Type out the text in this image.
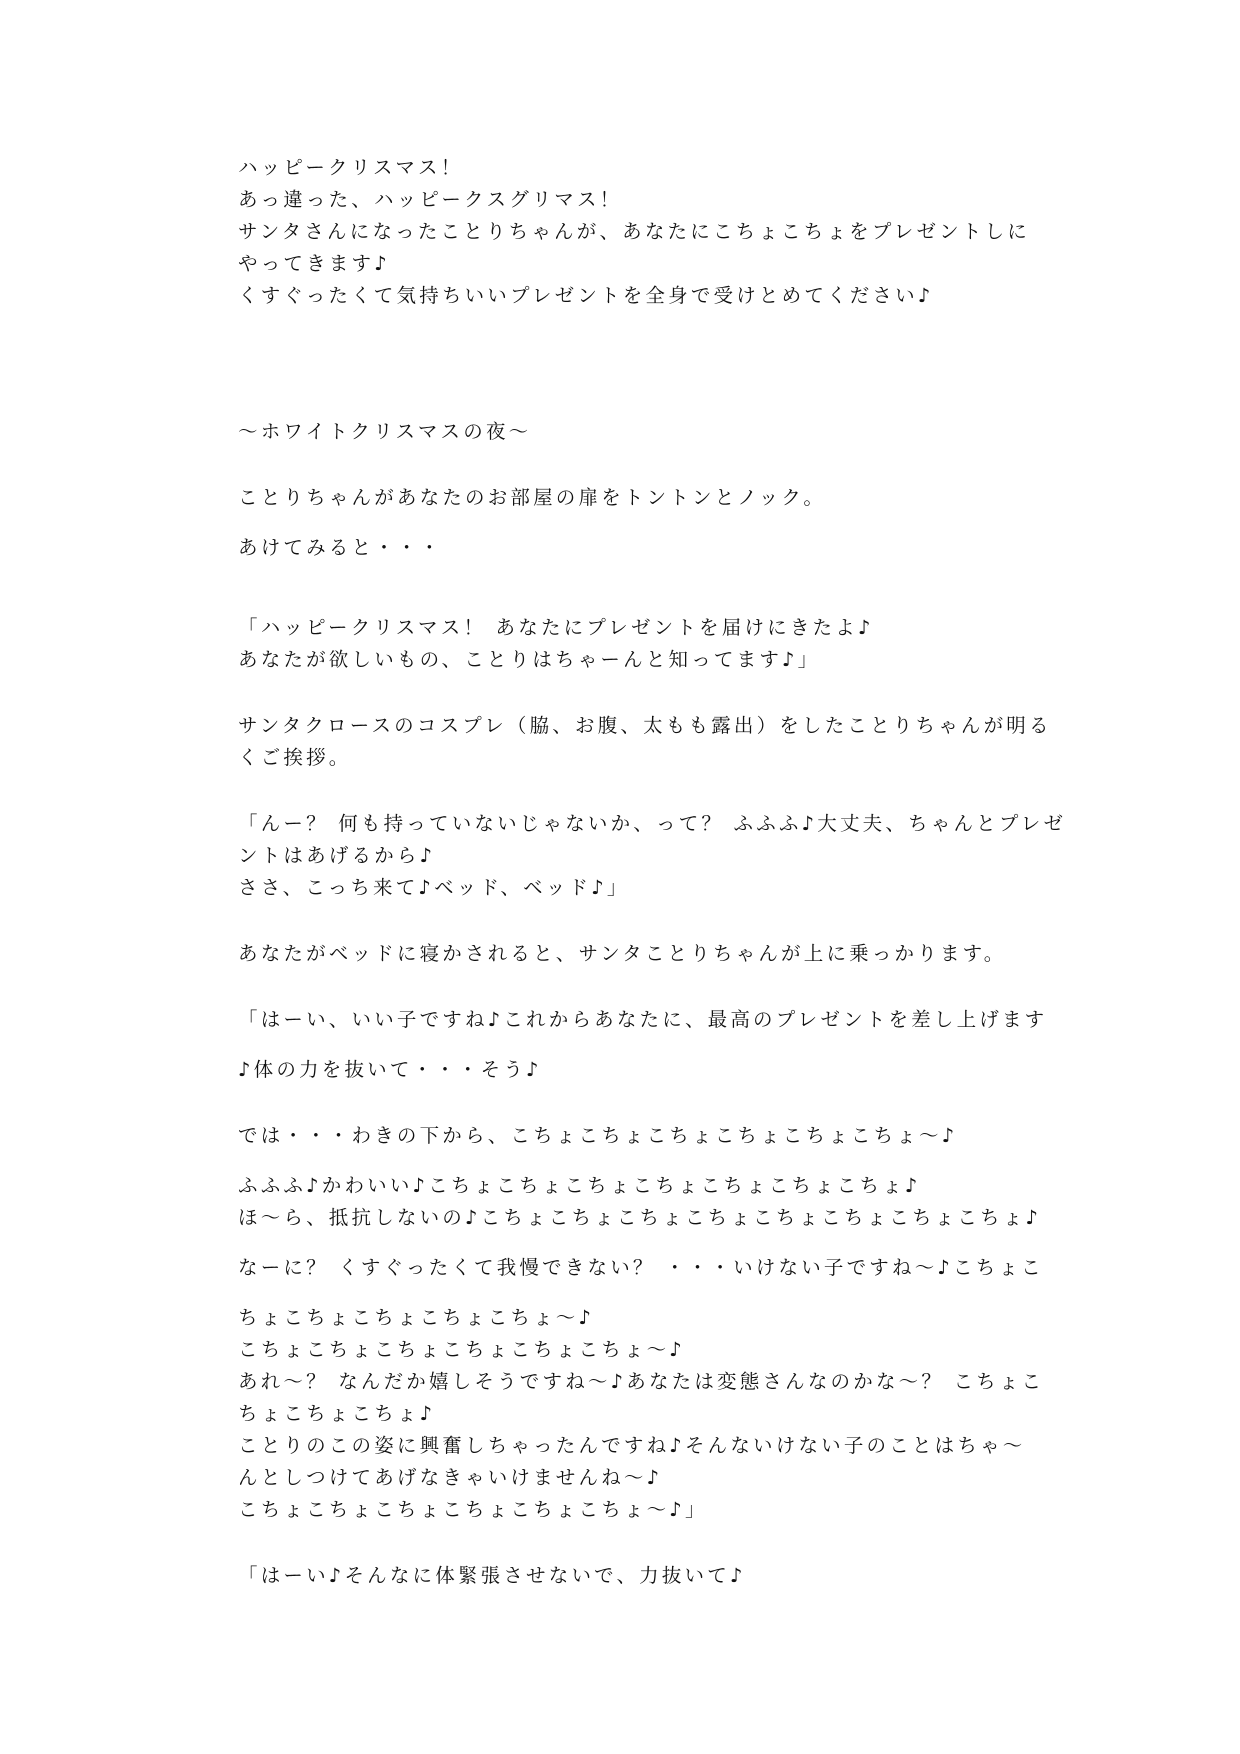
ハッピークリスマス！
あっ違った、ハッピークスグリマス！
サンタさんになったことりちゃんが、あなたにこちょこちょをプレゼントしに
やってきます♪
くすぐったくて気持ちいいプレゼントを全身で受けとめてください♪
～ホワイトクリスマスの夜～
ことりちゃんがあなたのお部屋の扉をトントンとノック。
あけてみると・・・
「ハッピークリスマス！ あなたにプレゼントを届けにきたよ♪
あなたが欲しいもの、ことりはちゃーんと知ってます♪」
サンタクロースのコスプレ（脇、お腹、太もも露出）をしたことりちゃんが明る
くご挨拶。
「んー？ 何も持っていないじゃないか、って？ ふふふ♪大丈夫、ちゃんとプレゼ
ントはあげるから♪
ささ、こっち来て♪ベッド、ベッド♪」
あなたがベッドに寝かされると、サンタことりちゃんが上に乗っかります。
「はーい、いい子ですね♪これからあなたに、最高のプレゼントを差し上げます
♪体の力を抜いて・・・そう♪
では・・・わきの下から、こちょこちょこちょこちょこちょこちょ～♪
ふふふ♪かわいい♪こちょこちょこちょこちょこちょこちょこちょ♪
ほ～ら、抵抗しないの♪こちょこちょこちょこちょこちょこちょこちょこちょ♪
なーに？ くすぐったくて我慢できない？ ・・・いけない子ですね～♪こちょこ
ちょこちょこちょこちょこちょ～♪
こちょこちょこちょこちょこちょこちょ～♪
あれ～？ なんだか嬉しそうですね～♪あなたは変態さんなのかな～？ こちょこ
ちょこちょこちょ♪
ことりのこの姿に興奮しちゃったんですね♪そんないけない子のことはちゃ～
んとしつけてあげなきゃいけませんね～♪
こちょこちょこちょこちょこちょこちょ～♪」
「はーい♪そんなに体緊張させないで、力抜いて♪
